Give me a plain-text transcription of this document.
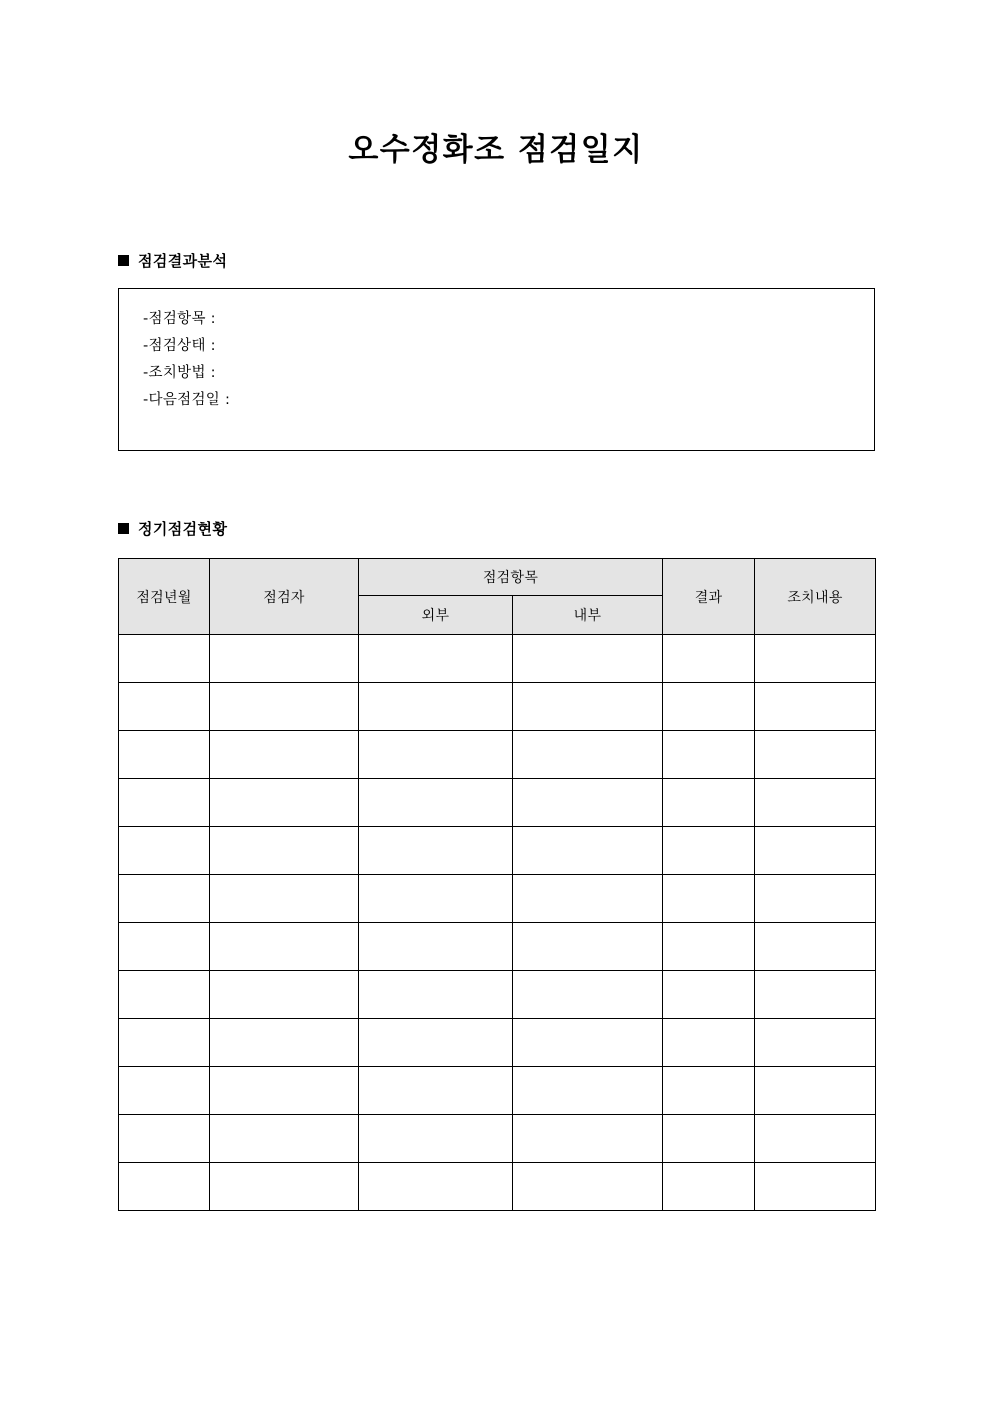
오수정화조 점검일지
점검결과분석
-점검항목 :
-점검상태 :
-조치방법 :
-다음점검일 :
정기점검현황
점검년월	점검자	점검항목		결과	조치내용
		외부	내부		
